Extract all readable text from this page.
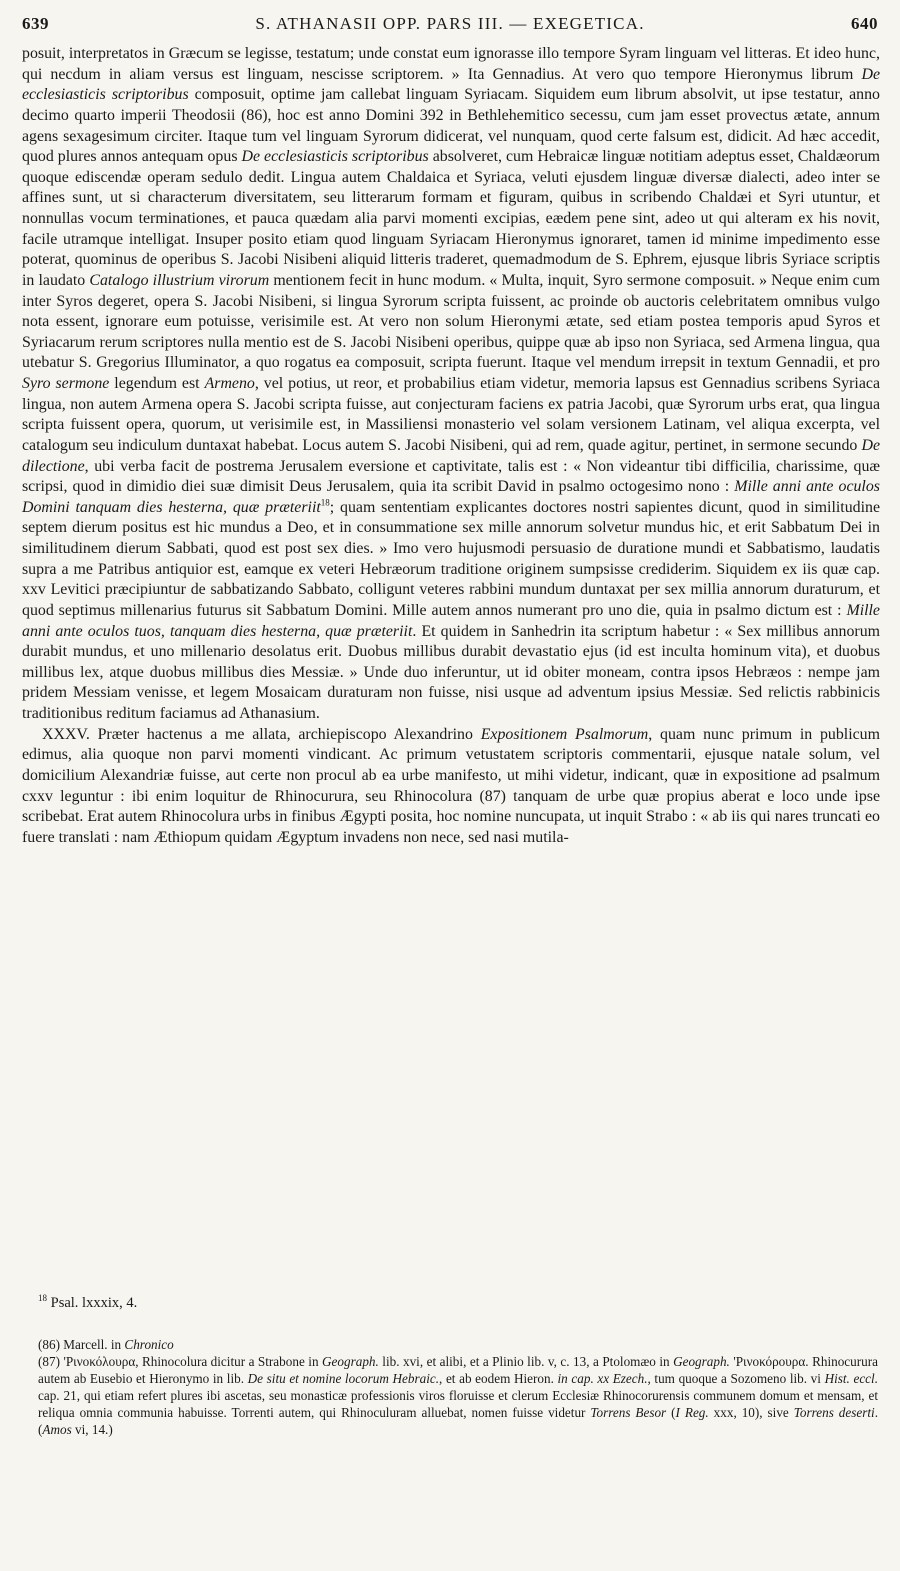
639	S. ATHANASII OPP. PARS III. — EXEGETICA.	640

posuit, interpretatos in Græcum se legisse, testatum; unde constat eum ignorasse illo tempore Syram linguam vel litteras. Et ideo hunc, qui necdum in aliam versus est linguam, nescisse scriptorem. » Ita Gennadius. At vero quo tempore Hieronymus librum De ecclesiasticis scriptoribus composuit, optime jam callebat linguam Syriacam. Siquidem eum librum absolvit, ut ipse testatur, anno decimo quarto imperii Theodosii (86), hoc est anno Domini 392 in Bethlehemitico secessu, cum jam esset provectus ætate, annum agens sexagesimum circiter. Itaque tum vel linguam Syrorum didicerat, vel nunquam, quod certe falsum est, didicit. Ad hæc accedit, quod plures annos antequam opus De ecclesiasticis scriptoribus absolveret, cum Hebraicæ linguæ notitiam adeptus esset, Chaldæorum quoque ediscendæ operam sedulo dedit. Lingua autem Chaldaica et Syriaca, veluti ejusdem linguæ diversæ dialecti, adeo inter se affines sunt, ut si characterum diversitatem, seu litterarum formam et figuram, quibus in scribendo Chaldæi et Syri utuntur, et nonnullas vocum terminationes, et pauca quædam alia parvi momenti excipias, eædem pene sint, adeo ut qui alteram ex his novit, facile utramque intelligat. Insuper posito etiam quod linguam Syriacam Hieronymus ignoraret, tamen id minime impedimento esse poterat, quominus de operibus S. Jacobi Nisibeni aliquid litteris traderet, quemadmodum de S. Ephrem, ejusque libris Syriace scriptis in laudato Catalogo illustrium virorum mentionem fecit in hunc modum. « Multa, inquit, Syro sermone composuit. » Neque enim cum inter Syros degeret, opera S. Jacobi Nisibeni, si lingua Syrorum scripta fuissent, ac proinde ob auctoris celebritatem omnibus vulgo nota essent, ignorare eum potuisse, verisimile est. At vero non solum Hieronymi ætate, sed etiam postea temporis apud Syros et Syriacarum rerum scriptores nulla mentio est de S. Jacobi Nisibeni operibus, quippe quæ ab ipso non Syriaca, sed Armena lingua, qua utebatur S. Gregorius Illuminator, a quo rogatus ea composuit, scripta fuerunt. Itaque vel mendum irrepsit in textum Gennadii, et pro Syro sermone legendum est Armeno, vel potius, ut reor, et probabilius etiam videtur, memoria lapsus est Gennadius scribens Syriaca lingua, non autem Armena opera S. Jacobi scripta fuisse, aut conjecturam faciens ex patria Jacobi, quæ Syrorum urbs erat, qua lingua scripta fuissent opera, quorum, ut verisimile est, in Massiliensi monasterio vel solam versionem Latinam, vel aliqua excerpta, vel catalogum seu indiculum duntaxat habebat. Locus autem S. Jacobi Nisibeni, qui ad rem, quade agitur, pertinet, in sermone secundo De dilectione, ubi verba facit de postrema Jerusalem eversione et captivitate, talis est : « Non videantur tibi difficilia, charissime, quæ scripsi, quod in dimidio diei suæ dimisit Deus Jerusalem, quia ita scribit David in psalmo octogesimo nono : Mille anni ante oculos Domini tanquam dies hesterna, quæ præteriit$^{18}$; quam sententiam explicantes doctores nostri sapientes dicunt, quod in similitudine septem dierum positus est hic mundus a Deo, et in consummatione sex mille annorum solvetur mundus hic, et erit Sabbatum Dei in similitudinem dierum Sabbati, quod est post sex dies. » Imo vero hujusmodi persuasio de duratione mundi et Sabbatismo, laudatis supra a me Patribus antiquior est, eamque ex veteri Hebræorum traditione originem sumpsisse crediderim. Siquidem ex iis quæ cap. xxv Levitici præcipiuntur de sabbatizando Sabbato, colligunt veteres rabbini mundum duntaxat per sex millia annorum duraturum, et quod septimus millenarius futurus sit Sabbatum Domini. Mille autem annos numerant pro uno die, quia in psalmo dictum est : Mille anni ante oculos tuos, tanquam dies hesterna, quæ præteriit. Et quidem in Sanhedrin ita scriptum habetur : « Sex millibus annorum durabit mundus, et uno millenario desolatus erit. Duobus millibus durabit devastatio ejus (id est inculta hominum vita), et duobus millibus lex, atque duobus millibus dies Messiæ. » Unde duo inferuntur, ut id obiter moneam, contra ipsos Hebræos : nempe jam pridem Messiam venisse, et legem Mosaicam duraturam non fuisse, nisi usque ad adventum ipsius Messiæ. Sed relictis rabbinicis traditionibus reditum faciamus ad Athanasium.

XXXV. Præter hactenus a me allata, archiepiscopo Alexandrino Expositionem Psalmorum, quam nunc primum in publicum edimus, alia quoque non parvi momenti vindicant. Ac primum vetustatem scriptoris commentarii, ejusque natale solum, vel domicilium Alexandriæ fuisse, aut certe non procul ab ea urbe manifesto, ut mihi videtur, indicant, quæ in expositione ad psalmum cxxv leguntur : ibi enim loquitur de Rhinocurura, seu Rhinocolura (87) tanquam de urbe quæ propius aberat e loco unde ipse scribebat. Erat autem Rhinocolura urbs in finibus Ægypti posita, hoc nomine nuncupata, ut inquit Strabo : « ab iis qui nares truncati eo fuere translati : nam Æthiopum quidam Ægyptum invadens non nece, sed nasi mutila-

$^{18}$ Psal. lxxxix, 4.

(86) Marcell. in Chronico

(87) 'Ρινοκόλουρα, Rhinocolura dicitur a Strabone in Geograph. lib. xvi, et alibi, et a Plinio lib. v, c. 13, a Ptolomæo in Geograph. 'Ρινοκόρουρα. Rhinocurura autem ab Eusebio et Hieronymo in lib. De situ et nomine locorum Hebraic., et ab eodem Hieron. in cap. xx Ezech., tum quoque a Sozomeno lib. vi Hist. eccl. cap. 21, qui etiam refert plures ibi ascetas, seu monasticæ professionis viros floruisse et clerum Ecclesiæ Rhinocorurensis communem domum et mensam, et reliqua omnia communia habuisse. Torrenti autem, qui Rhinoculuram alluebat, nomen fuisse videtur Torrens Besor (I Reg. xxx, 10), sive Torrens deserti. (Amos vi, 14.)
